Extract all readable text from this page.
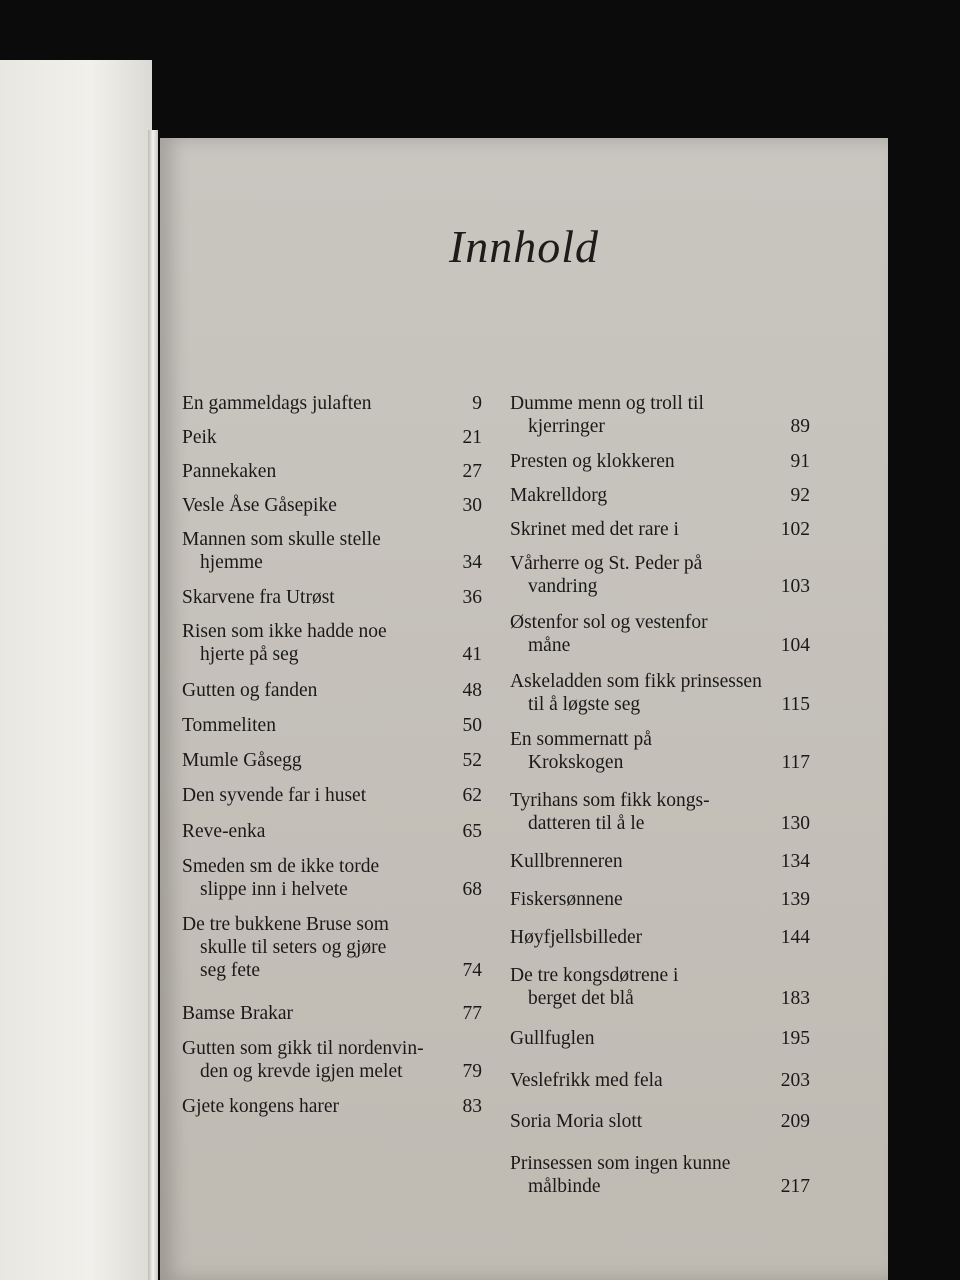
Innhold
En gammeldags julaften	9
Peik	21
Pannekaken	27
Vesle Åse Gåsepike	30
Mannen som skulle stelle
hjemme	34
Skarvene fra Utrøst	36
Risen som ikke hadde noe
hjerte på seg	41
Gutten og fanden	48
Tommeliten	50
Mumle Gåsegg	52
Den syvende far i huset	62
Reve-enka	65
Smeden sm de ikke torde
slippe inn i helvete	68
De tre bukkene Bruse som
skulle til seters og gjøre
seg fete	74
Bamse Brakar	77
Gutten som gikk til nordenvin-
den og krevde igjen melet	79
Gjete kongens harer	83
Dumme menn og troll til
kjerringer	89
Presten og klokkeren	91
Makrelldorg	92
Skrinet med det rare i	102
Vårherre og St. Peder på
vandring	103
Østenfor sol og vestenfor
måne	104
Askeladden som fikk prinsessen
til å løgste seg	115
En sommernatt på
Krokskogen	117
Tyrihans som fikk kongs-
datteren til å le	130
Kullbrenneren	134
Fiskersønnene	139
Høyfjellsbilleder	144
De tre kongsdøtrene i
berget det blå	183
Gullfuglen	195
Veslefrikk med fela	203
Soria Moria slott	209
Prinsessen som ingen kunne
målbinde	217
